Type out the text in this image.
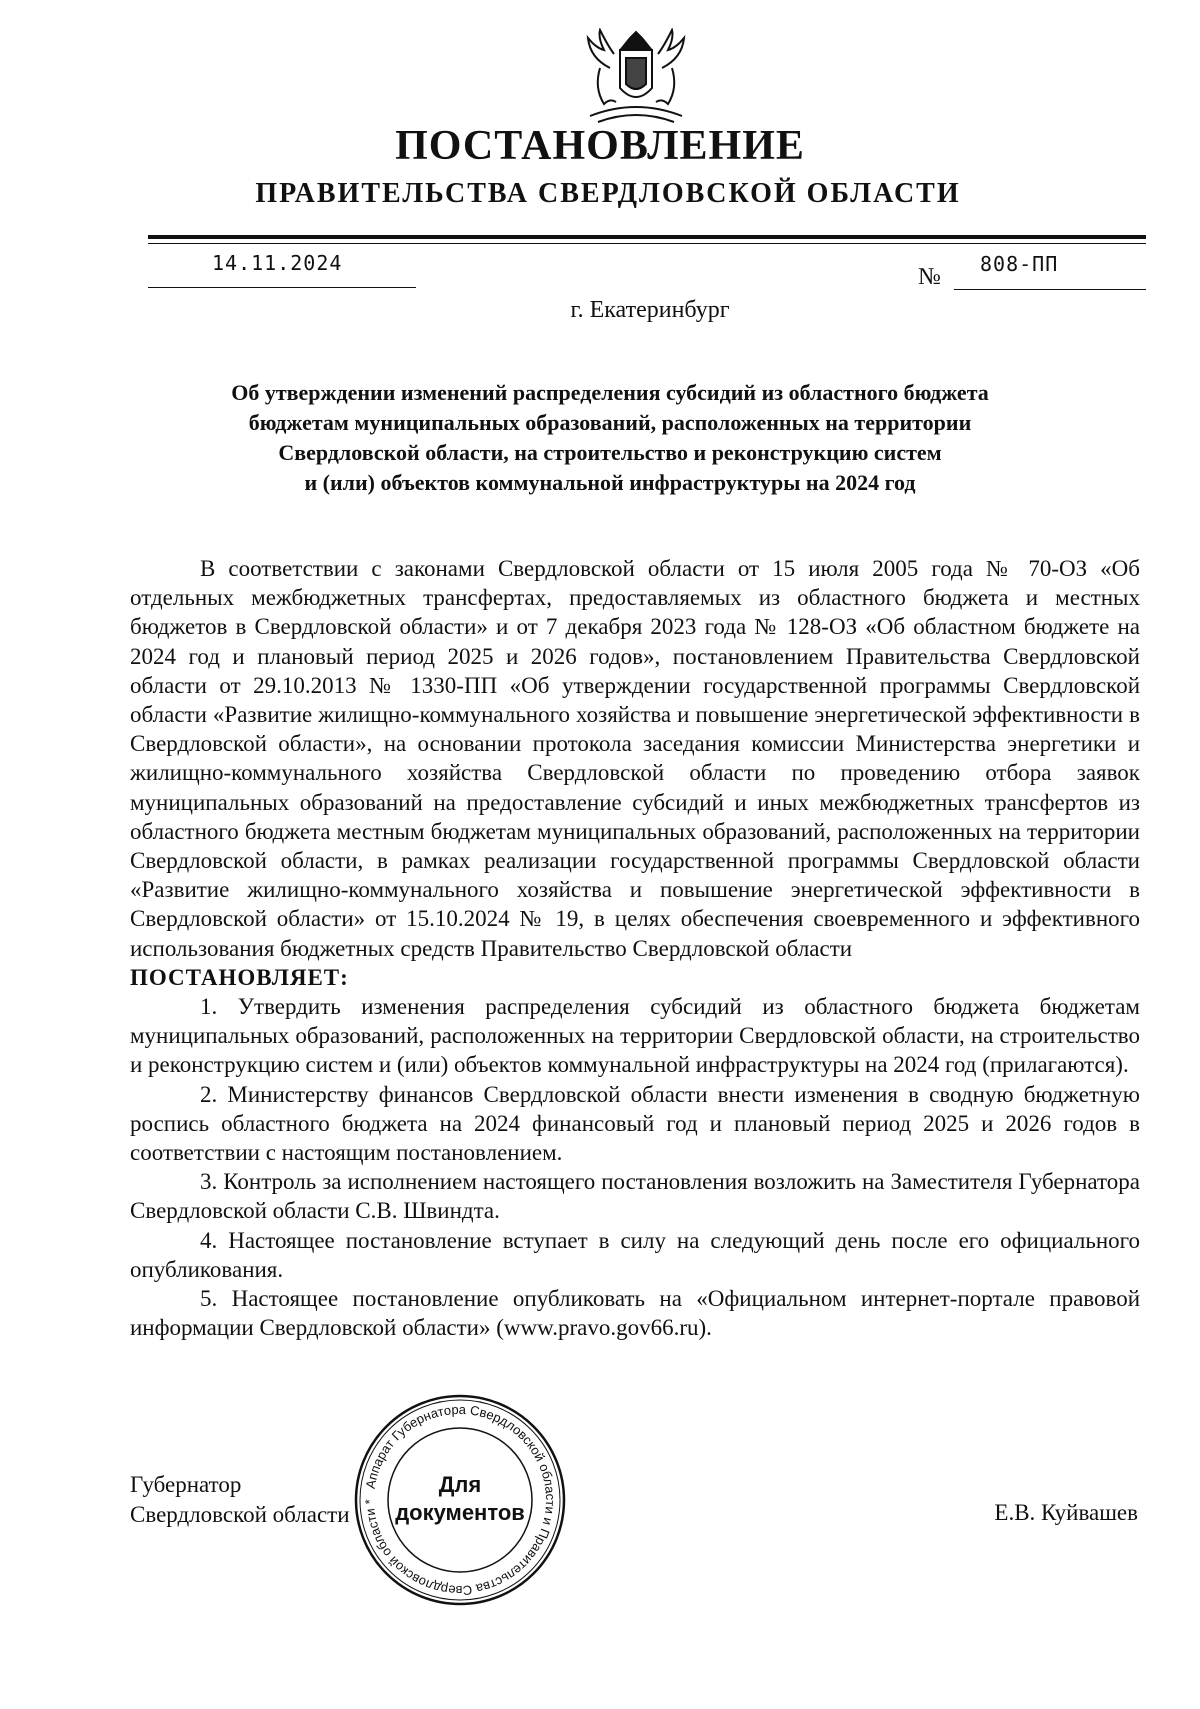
ПОСТАНОВЛЕНИЕ
ПРАВИТЕЛЬСТВА СВЕРДЛОВСКОЙ ОБЛАСТИ
14.11.2024
№ 808-ПП
г. Екатеринбург
Об утверждении изменений распределения субсидий из областного бюджета
бюджетам муниципальных образований, расположенных на территории
Свердловской области, на строительство и реконструкцию систем
и (или) объектов коммунальной инфраструктуры на 2024 год

В соответствии с законами Свердловской области от 15 июля 2005 года № 70-ОЗ «Об отдельных межбюджетных трансфертах, предоставляемых из областного бюджета и местных бюджетов в Свердловской области» и от 7 декабря 2023 года № 128-ОЗ «Об областном бюджете на 2024 год и плановый период 2025 и 2026 годов», постановлением Правительства Свердловской области от 29.10.2013 № 1330-ПП «Об утверждении государственной программы Свердловской области «Развитие жилищно-коммунального хозяйства и повышение энергетической эффективности в Свердловской области», на основании протокола заседания комиссии Министерства энергетики и жилищно-коммунального хозяйства Свердловской области по проведению отбора заявок муниципальных образований на предоставление субсидий и иных межбюджетных трансфертов из областного бюджета местным бюджетам муниципальных образований, расположенных на территории Свердловской области, в рамках реализации государственной программы Свердловской области «Развитие жилищно-коммунального хозяйства и повышение энергетической эффективности в Свердловской области» от 15.10.2024 № 19, в целях обеспечения своевременного и эффективного использования бюджетных средств Правительство Свердловской области

ПОСТАНОВЛЯЕТ:

1. Утвердить изменения распределения субсидий из областного бюджета бюджетам муниципальных образований, расположенных на территории Свердловской области, на строительство и реконструкцию систем и (или) объектов коммунальной инфраструктуры на 2024 год (прилагаются).

2. Министерству финансов Свердловской области внести изменения в сводную бюджетную роспись областного бюджета на 2024 финансовый год и плановый период 2025 и 2026 годов в соответствии с настоящим постановлением.

3. Контроль за исполнением настоящего постановления возложить на Заместителя Губернатора Свердловской области С.В. Швиндта.

4. Настоящее постановление вступает в силу на следующий день после его официального опубликования.

5. Настоящее постановление опубликовать на «Официальном интернет-портале правовой информации Свердловской области» (www.pravo.gov66.ru).

Губернатор
Свердловской области	Е.В. Куйвашев
Аппарат Губернатора Свердловской области и Правительства Свердловской области *
Для
документов
